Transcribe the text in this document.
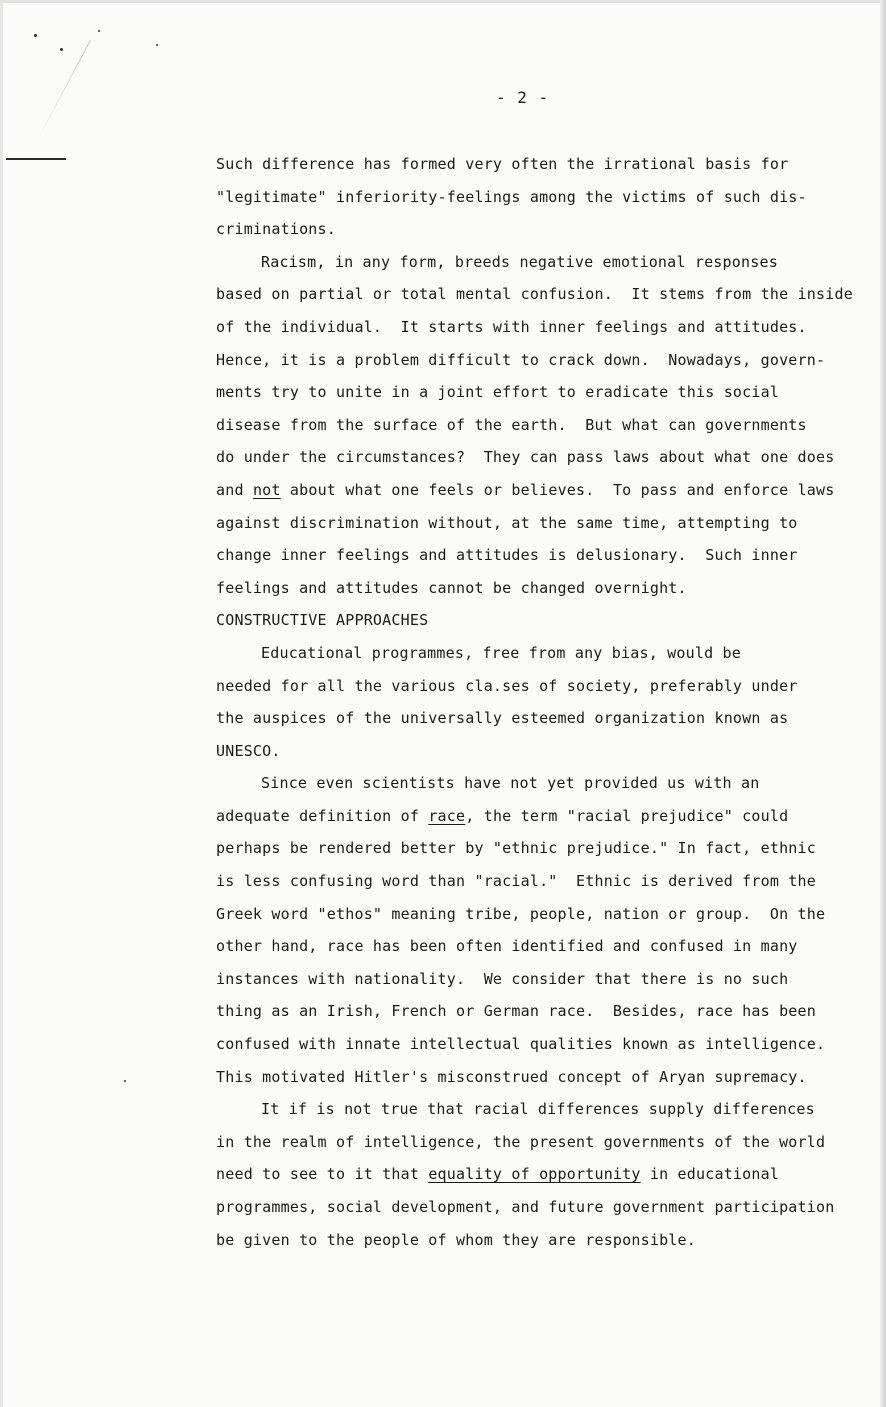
- 2 -
Such difference has formed very often the irrational basis for
"legitimate" inferiority-feelings among the victims of such dis-
criminations.
Racism, in any form, breeds negative emotional responses
based on partial or total mental confusion.  It stems from the inside
of the individual.  It starts with inner feelings and attitudes.
Hence, it is a problem difficult to crack down.  Nowadays, govern-
ments try to unite in a joint effort to eradicate this social
disease from the surface of the earth.  But what can governments
do under the circumstances?  They can pass laws about what one does
and not about what one feels or believes.  To pass and enforce laws
against discrimination without, at the same time, attempting to
change inner feelings and attitudes is delusionary.  Such inner
feelings and attitudes cannot be changed overnight.
CONSTRUCTIVE APPROACHES
Educational programmes, free from any bias, would be
needed for all the various cla.ses of society, preferably under
the auspices of the universally esteemed organization known as
UNESCO.
Since even scientists have not yet provided us with an
adequate definition of race, the term "racial prejudice" could
perhaps be rendered better by "ethnic prejudice." In fact, ethnic
is less confusing word than "racial."  Ethnic is derived from the
Greek word "ethos" meaning tribe, people, nation or group.  On the
other hand, race has been often identified and confused in many
instances with nationality.  We consider that there is no such
thing as an Irish, French or German race.  Besides, race has been
confused with innate intellectual qualities known as intelligence.
This motivated Hitler's misconstrued concept of Aryan supremacy.
It if is not true that racial differences supply differences
in the realm of intelligence, the present governments of the world
need to see to it that equality of opportunity in educational
programmes, social development, and future government participation
be given to the people of whom they are responsible.
